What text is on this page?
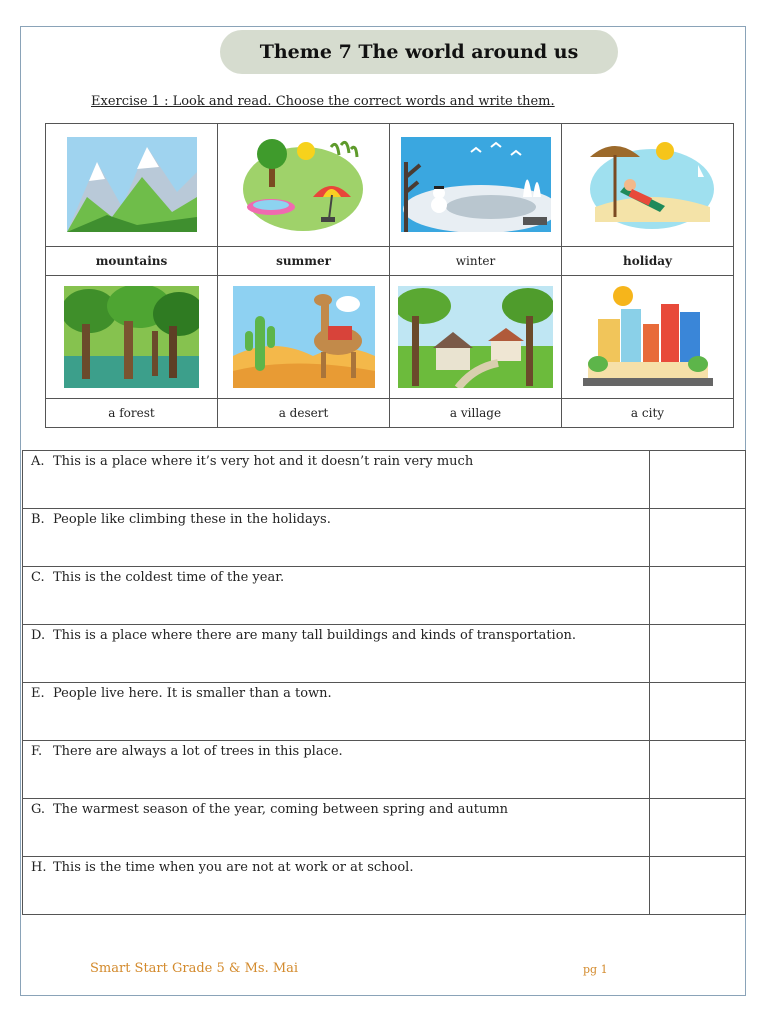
Theme 7 The world around us
Exercise 1 : Look and read. Choose the correct words and write them.

mountains	summer	winter	holiday

a forest	a desert	a village	a city
A. This is a place where it’s very hot and it doesn’t rain very much	
B. People like climbing these in the holidays.	
C. This is the coldest time of the year.	
D. This is a place where there are many tall buildings and kinds of transportation.	
E. People live here. It is smaller than a town.	
F. There are always a lot of trees in this place.	
G. The warmest season of the year, coming between spring and autumn	
H. This is the time when you are not at work or at school.	
Smart Start Grade 5 & Ms. Mai	pg 1
